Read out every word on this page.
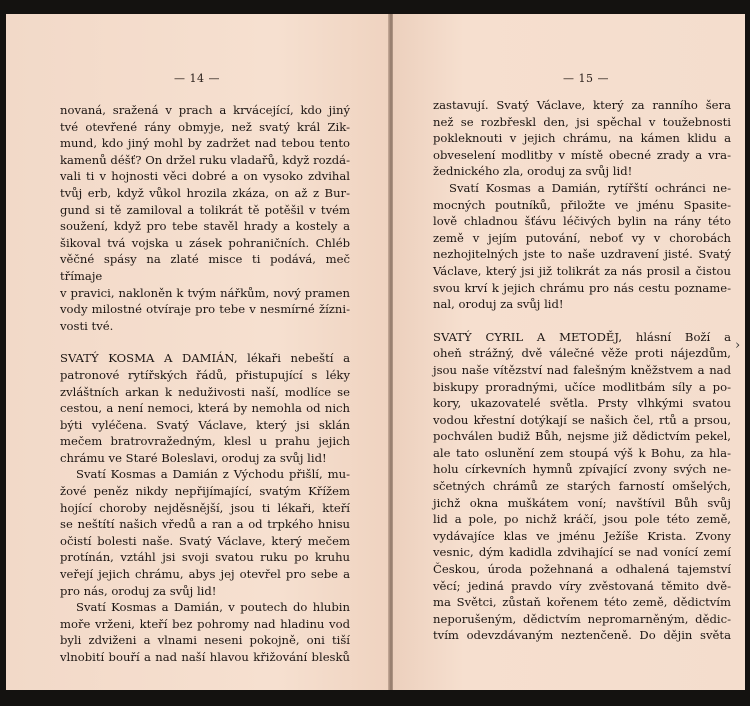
— 14 —

novaná, sražená v prach a krvácející, kdo jiný

tvé otevřené rány obmyje, než svatý král Zik-

mund, kdo jiný mohl by zadržet nad tebou tento

kamenů déšť? On držel ruku vladařů, když rozdá-

vali ti v hojnosti věci dobré a on vysoko zdvihal

tvůj erb, když vůkol hrozila zkáza, on až z Bur-

gund si tě zamiloval a tolikrát tě potěšil v tvém

soužení, když pro tebe stavěl hrady a kostely a

šikoval tvá vojska u zásek pohraničních. Chléb

věčné spásy na zlaté misce ti podává, meč třímaje

v pravici, nakloněn k tvým nářkům, nový pramen

vody milostné otvíraje pro tebe v nesmírné žízni-

vosti tvé.

SVATÝ KOSMA A DAMIÁN, lékaři nebeští a

patronové rytířských řádů, přistupující s léky

zvláštních arkan k neduživosti naší, modlíce se

cestou, a není nemoci, která by nemohla od nich

býti vyléčena. Svatý Václave, který jsi sklán

mečem bratrovražedným, klesl u prahu jejich

chrámu ve Staré Boleslavi, oroduj za svůj lid!

Svatí Kosmas a Damián z Východu přišlí, mu-

žové peněz nikdy nepřijímající, svatým Křížem

hojící choroby nejděsnější, jsou ti lékaři, kteří

se neštítí našich vředů a ran a od trpkého hnisu

očistí bolesti naše. Svatý Václave, který mečem

protínán, vztáhl jsi svoji svatou ruku po kruhu

veřejí jejich chrámu, abys jej otevřel pro sebe a

pro nás, oroduj za svůj lid!

Svatí Kosmas a Damián, v poutech do hlubin

moře vrženi, kteří bez pohromy nad hladinu vod

byli zdviženi a vlnami neseni pokojně, oni tiší

vlnobití bouří a nad naší hlavou křižování blesků

— 15 —

zastavují. Svatý Václave, který za ranního šera

než se rozbřeskl den, jsi spěchal v toužebnosti

pokleknouti v jejich chrámu, na kámen klidu a

obveselení modlitby v místě obecné zrady a vra-

žednického zla, oroduj za svůj lid!

Svatí Kosmas a Damián, rytířští ochránci ne-

mocných poutníků, přiložte ve jménu Spasite-

lově chladnou šťávu léčivých bylin na rány této

země v jejím putování, neboť vy v chorobách

nezhojitelných jste to naše uzdravení jisté. Svatý

Václave, který jsi již tolikrát za nás prosil a čistou

svou krví k jejich chrámu pro nás cestu poznamе-

nal, oroduj za svůj lid!

SVATÝ CYRIL A METODĚJ, hlásní Boží a

oheň strážný, dvě válečné věže proti nájezdům,

jsou naše vítězství nad falešným kněžstvem a nad

biskupy proradnými, učíce modlitbám síly a po-

kory, ukazovatelé světla. Prsty vlhkými svatou

vodou křestní dotýkají se našich čel, rtů a prsou,

pochválen budiž Bůh, nejsme již dědictvím pekel,

ale tato oslunění zem stoupá výš k Bohu, za hla-

holu církevních hymnů zpívající zvony svých ne-

sčetných chrámů ze starých farností omšelých,

jichž okna muškátem voní; navštívil Bůh svůj

lid a pole, po nichž kráčí, jsou pole této země,

vydávajíce klas ve jménu Ježíše Krista. Zvony

vesnic, dým kadidla zdvihající se nad vonící zemí

Českou, úroda požehnaná a odhalená tajemství

věcí; jediná pravdo víry zvěstovaná těmito dvě-

ma Světci, zůstaň kořenem této země, dědictvím

neporušeným, dědictvím nepromarněným, dědic-

tvím odevzdávaným neztenčeně. Do dějin světa

›
